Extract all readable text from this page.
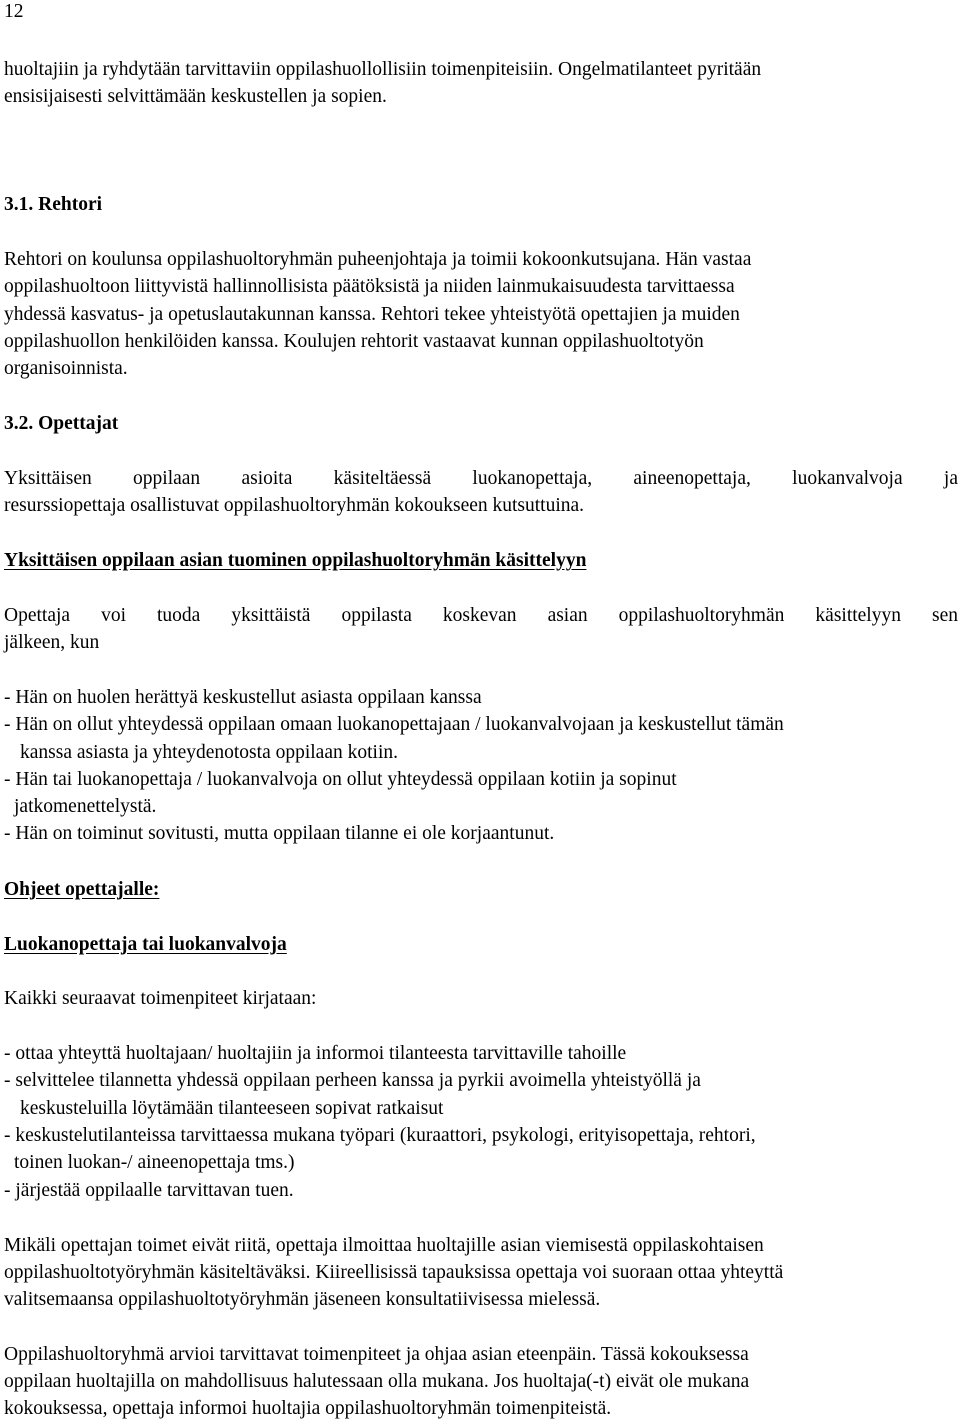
12
huoltajiin ja ryhdytään tarvittaviin oppilashuollollisiin toimenpiteisiin. Ongelmatilanteet pyritään
ensisijaisesti selvittämään keskustellen ja sopien.
3.1. Rehtori
Rehtori on koulunsa oppilashuoltoryhmän puheenjohtaja ja toimii kokoonkutsujana. Hän vastaa
oppilashuoltoon liittyvistä hallinnollisista päätöksistä ja niiden lainmukaisuudesta tarvittaessa
yhdessä kasvatus- ja opetuslautakunnan kanssa. Rehtori tekee yhteistyötä opettajien ja muiden
oppilashuollon henkilöiden kanssa. Koulujen rehtorit vastaavat kunnan oppilashuoltotyön
organisoinnista.
3.2. Opettajat
Yksittäisen oppilaan asioita käsiteltäessä luokanopettaja, aineenopettaja, luokanvalvoja ja
resurssiopettaja osallistuvat oppilashuoltoryhmän kokoukseen kutsuttuina.
Yksittäisen oppilaan asian tuominen oppilashuoltoryhmän käsittelyyn
Opettaja voi tuoda yksittäistä oppilasta koskevan asian oppilashuoltoryhmän käsittelyyn sen
jälkeen, kun
- Hän on huolen herättyä keskustellut asiasta oppilaan kanssa
- Hän on ollut yhteydessä oppilaan omaan luokanopettajaan / luokanvalvojaan ja keskustellut tämän
kanssa asiasta ja yhteydenotosta oppilaan kotiin.
- Hän tai luokanopettaja / luokanvalvoja on ollut yhteydessä oppilaan kotiin ja sopinut
jatkomenettelystä.
- Hän on toiminut sovitusti, mutta oppilaan tilanne ei ole korjaantunut.
Ohjeet opettajalle:
Luokanopettaja tai luokanvalvoja
Kaikki seuraavat toimenpiteet kirjataan:
- ottaa yhteyttä huoltajaan/ huoltajiin ja informoi tilanteesta tarvittaville tahoille
- selvittelee tilannetta yhdessä oppilaan perheen kanssa ja pyrkii avoimella yhteistyöllä ja
keskusteluilla löytämään tilanteeseen sopivat ratkaisut
- keskustelutilanteissa tarvittaessa mukana työpari (kuraattori, psykologi, erityisopettaja, rehtori,
toinen luokan-/ aineenopettaja tms.)
- järjestää oppilaalle tarvittavan tuen.
Mikäli opettajan toimet eivät riitä, opettaja ilmoittaa huoltajille asian viemisestä oppilaskohtaisen
oppilashuoltotyöryhmän käsiteltäväksi. Kiireellisissä tapauksissa opettaja voi suoraan ottaa yhteyttä
valitsemaansa oppilashuoltotyöryhmän jäseneen konsultatiivisessa mielessä.
Oppilashuoltoryhmä arvioi tarvittavat toimenpiteet ja ohjaa asian eteenpäin. Tässä kokouksessa
oppilaan huoltajilla on mahdollisuus halutessaan olla mukana. Jos huoltaja(-t) eivät ole mukana
kokouksessa, opettaja informoi huoltajia oppilashuoltoryhmän toimenpiteistä.
